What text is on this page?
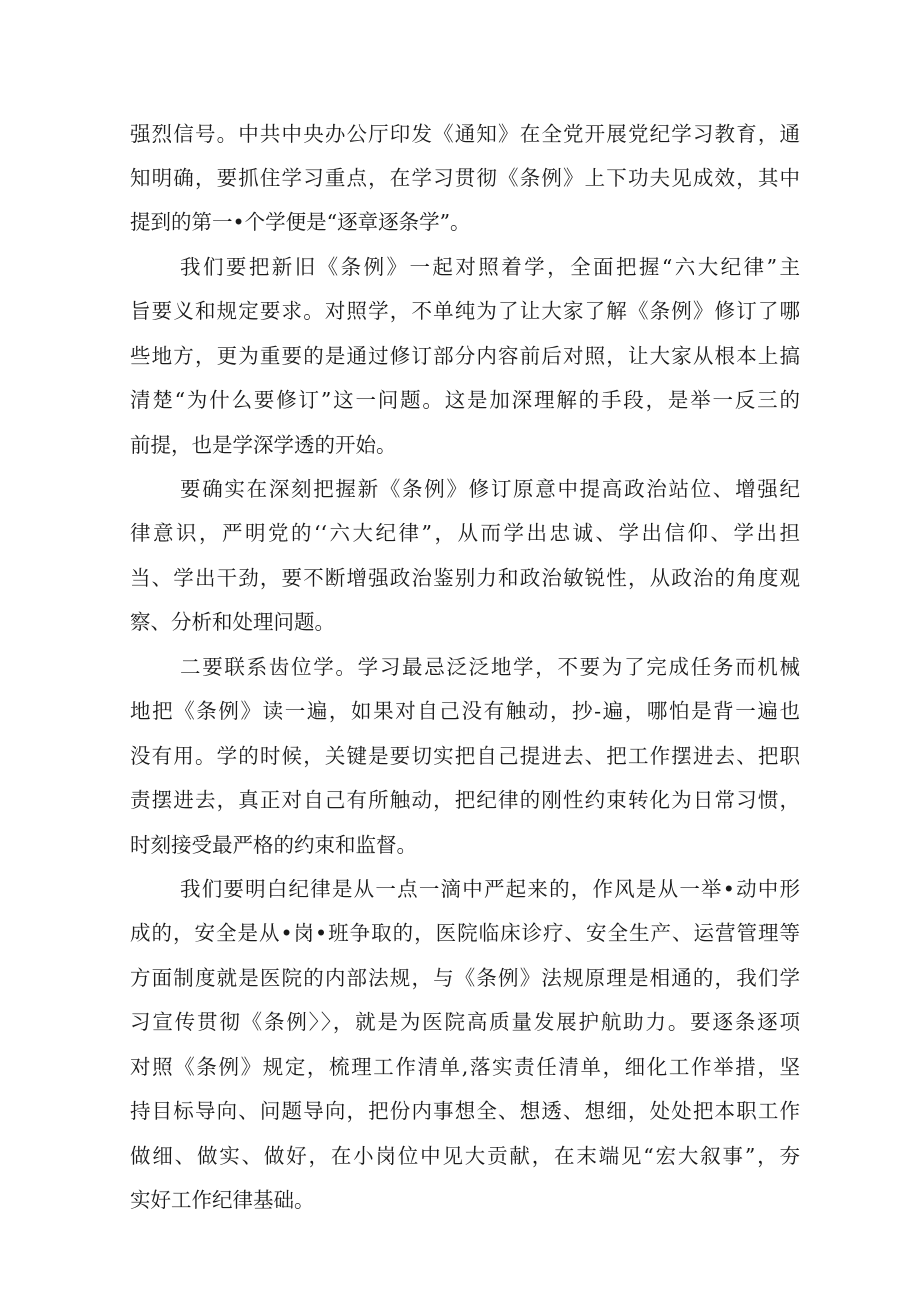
强烈信号。中共中央办公厅印发《通知》在全党开展党纪学习教育，通
知明确，要抓住学习重点，在学习贯彻《条例》上下功夫见成效，其中
提到的第一•个学便是“逐章逐条学”。
我们要把新旧《条例》一起对照着学，全面把握“六大纪律”主
旨要义和规定要求。对照学，不单纯为了让大家了解《条例》修订了哪
些地方，更为重要的是通过修订部分内容前后对照，让大家从根本上搞
清楚“为什么要修订”这一问题。这是加深理解的手段，是举一反三的
前提，也是学深学透的开始。
要确实在深刻把握新《条例》修订原意中提高政治站位、增强纪
律意识，严明党的‘‘六大纪律”，从而学出忠诚、学出信仰、学出担
当、学出干劲，要不断增强政治鉴别力和政治敏锐性，从政治的角度观
察、分析和处理问题。
二要联系齿位学。学习最忌泛泛地学，不要为了完成任务而机械
地把《条例》读一遍，如果对自己没有触动，抄-遍，哪怕是背一遍也
没有用。学的时候，关键是要切实把自己提进去、把工作摆进去、把职
责摆进去，真正对自己有所触动，把纪律的刚性约束转化为日常习惯，
时刻接受最严格的约束和监督。
我们要明白纪律是从一点一滴中严起来的，作风是从一举•动中形
成的，安全是从•岗•班争取的，医院临床诊疗、安全生产、运营管理等
方面制度就是医院的内部法规，与《条例》法规原理是相通的，我们学
习宣传贯彻《条例〉〉，就是为医院高质量发展护航助力。要逐条逐项
对照《条例》规定，梳理工作清单,落实责任清单，细化工作举措，坚
持目标导向、问题导向，把份内事想全、想透、想细，处处把本职工作
做细、做实、做好，在小岗位中见大贡献，在末端见“宏大叙事”，夯
实好工作纪律基础。
